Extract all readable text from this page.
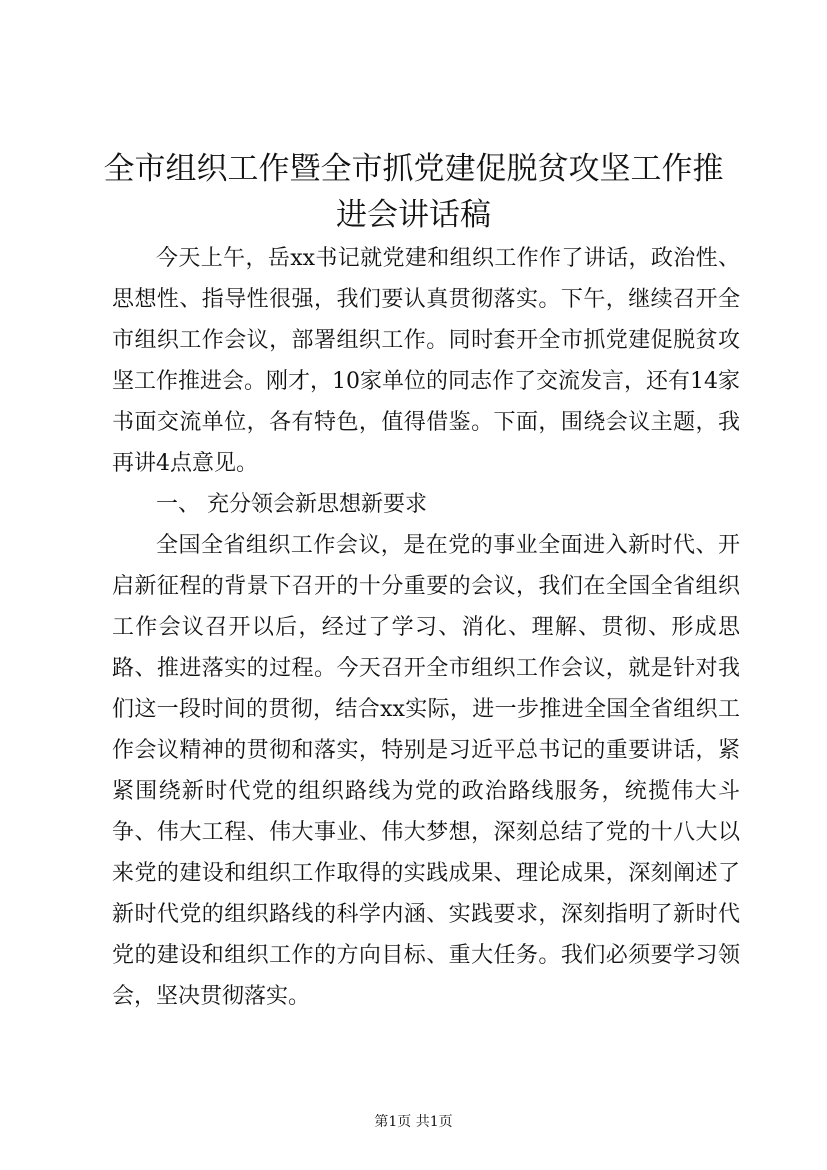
全市组织工作暨全市抓党建促脱贫攻坚工作推进会讲话稿

今天上午，岳xx书记就党建和组织工作作了讲话，政治性、思想性、指导性很强，我们要认真贯彻落实。下午，继续召开全市组织工作会议，部署组织工作。同时套开全市抓党建促脱贫攻坚工作推进会。刚才，10家单位的同志作了交流发言，还有14家书面交流单位，各有特色，值得借鉴。下面，围绕会议主题，我再讲4点意见。

一、 充分领会新思想新要求

全国全省组织工作会议，是在党的事业全面进入新时代、开启新征程的背景下召开的十分重要的会议，我们在全国全省组织工作会议召开以后，经过了学习、消化、理解、贯彻、形成思路、推进落实的过程。今天召开全市组织工作会议，就是针对我们这一段时间的贯彻，结合xx实际，进一步推进全国全省组织工作会议精神的贯彻和落实，特别是习近平总书记的重要讲话，紧紧围绕新时代党的组织路线为党的政治路线服务，统揽伟大斗争、伟大工程、伟大事业、伟大梦想，深刻总结了党的十八大以来党的建设和组织工作取得的实践成果、理论成果，深刻阐述了新时代党的组织路线的科学内涵、实践要求，深刻指明了新时代党的建设和组织工作的方向目标、重大任务。我们必须要学习领会，坚决贯彻落实。

第1页 共1页
